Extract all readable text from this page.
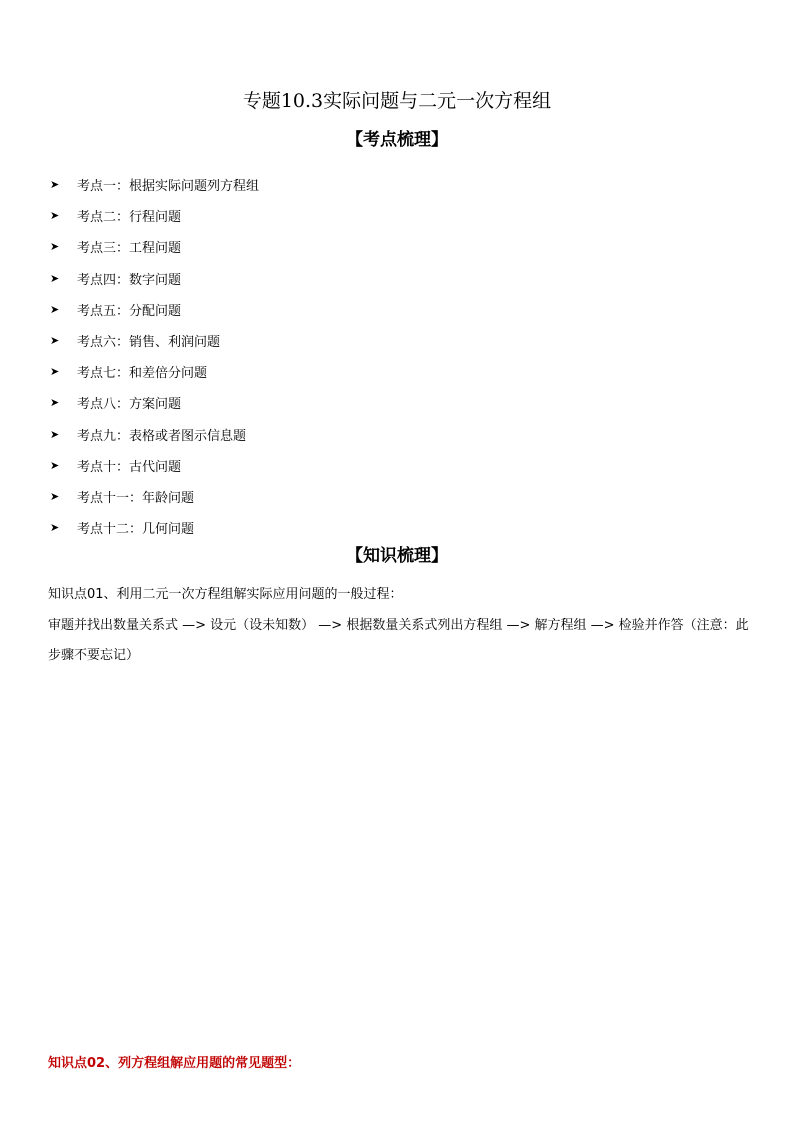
专题10.3实际问题与二元一次方程组
【考点梳理】
➤	考点一：根据实际问题列方程组
➤	考点二：行程问题
➤	考点三：工程问题
➤	考点四：数字问题
➤	考点五：分配问题
➤	考点六：销售、利润问题
➤	考点七：和差倍分问题
➤	考点八：方案问题
➤	考点九：表格或者图示信息题
➤	考点十：古代问题
➤	考点十一：年龄问题
➤	考点十二：几何问题
【知识梳理】
知识点01、利用二元一次方程组解实际应用问题的一般过程：
审题并找出数量关系式 —> 设元（设未知数） —> 根据数量关系式列出方程组 —> 解方程组 —> 检验并作答（注意：此步骤不要忘记）
知识点02、列方程组解应用题的常见题型：
